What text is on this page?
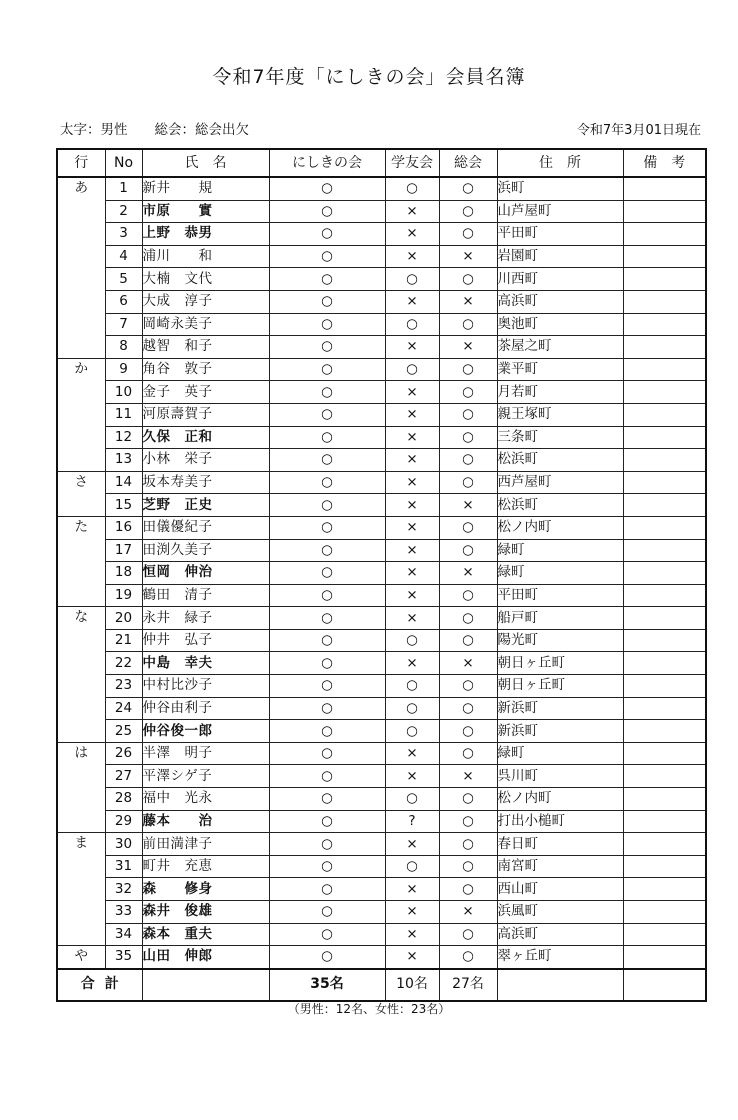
令和7年度「にしきの会」会員名簿
太字：男性　　総会：総会出欠	令和7年3月01日現在
行	No	氏　名	にしきの会	学友会	総会	住　所	備　考
あ	1	新井　　規	○	○	○	浜町	
	2	市原　　實	○	×	○	山芦屋町	
	3	上野　恭男	○	×	○	平田町	
	4	浦川　　和	○	×	×	岩園町	
	5	大楠　文代	○	○	○	川西町	
	6	大成　淳子	○	×	×	高浜町	
	7	岡崎永美子	○	○	○	奥池町	
	8	越智　和子	○	×	×	茶屋之町	
か	9	角谷　敦子	○	○	○	業平町	
	10	金子　英子	○	×	○	月若町	
	11	河原壽賀子	○	×	○	親王塚町	
	12	久保　正和	○	×	○	三条町	
	13	小林　栄子	○	×	○	松浜町	
さ	14	坂本寿美子	○	×	○	西芦屋町	
	15	芝野　正史	○	×	×	松浜町	
た	16	田儀優紀子	○	×	○	松ノ内町	
	17	田渕久美子	○	×	○	緑町	
	18	恒岡　伸治	○	×	×	緑町	
	19	鶴田　清子	○	×	○	平田町	
な	20	永井　緑子	○	×	○	船戸町	
	21	仲井　弘子	○	○	○	陽光町	
	22	中島　幸夫	○	×	×	朝日ヶ丘町	
	23	中村比沙子	○	○	○	朝日ヶ丘町	
	24	仲谷由利子	○	○	○	新浜町	
	25	仲谷俊一郎	○	○	○	新浜町	
は	26	半澤　明子	○	×	○	緑町	
	27	平澤シゲ子	○	×	×	呉川町	
	28	福中　光永	○	○	○	松ノ内町	
	29	藤本　　治	○	?	○	打出小槌町	
ま	30	前田満津子	○	×	○	春日町	
	31	町井　充恵	○	○	○	南宮町	
	32	森　　修身	○	×	○	西山町	
	33	森井　俊雄	○	×	×	浜風町	
	34	森本　重夫	○	×	○	高浜町	
や	35	山田　伸郎	○	×	○	翠ヶ丘町	
合計			35名	10名	27名		
（男性：12名、女性：23名）
